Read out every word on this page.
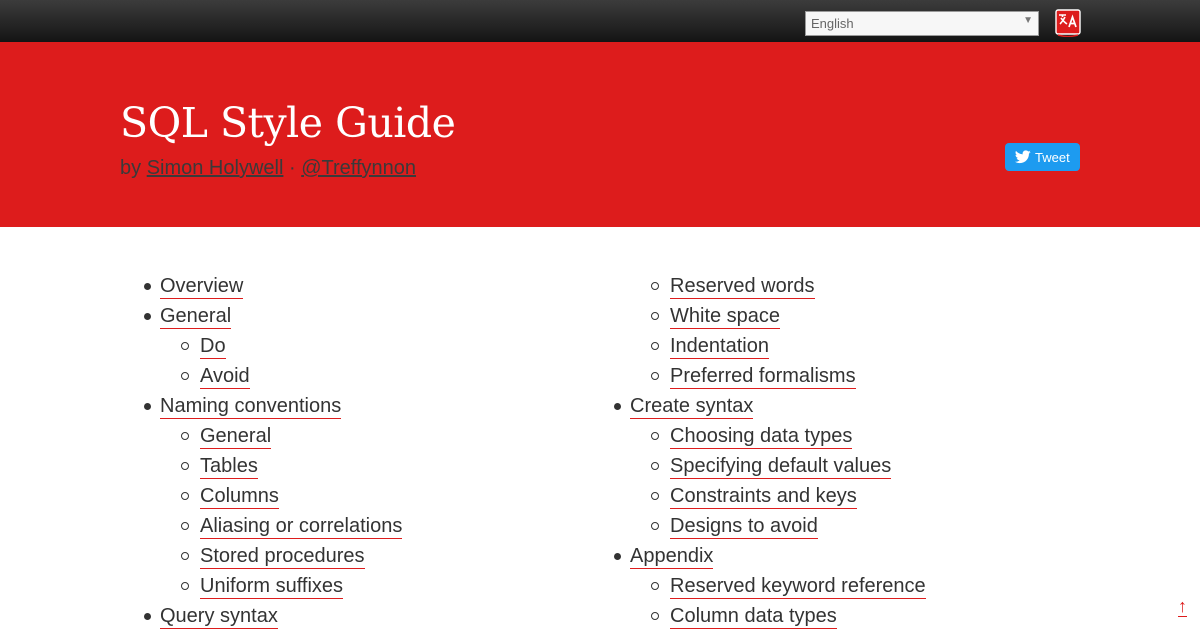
English	▼
SQL Style Guide
by Simon Holywell · @Treffynnon	Tweet
Overview
General
Do
Avoid
Naming conventions
General
Tables
Columns
Aliasing or correlations
Stored procedures
Uniform suffixes
Query syntax
Reserved words
White space
Indentation
Preferred formalisms
Create syntax
Choosing data types
Specifying default values
Constraints and keys
Designs to avoid
Appendix
Reserved keyword reference
Column data types	↑
